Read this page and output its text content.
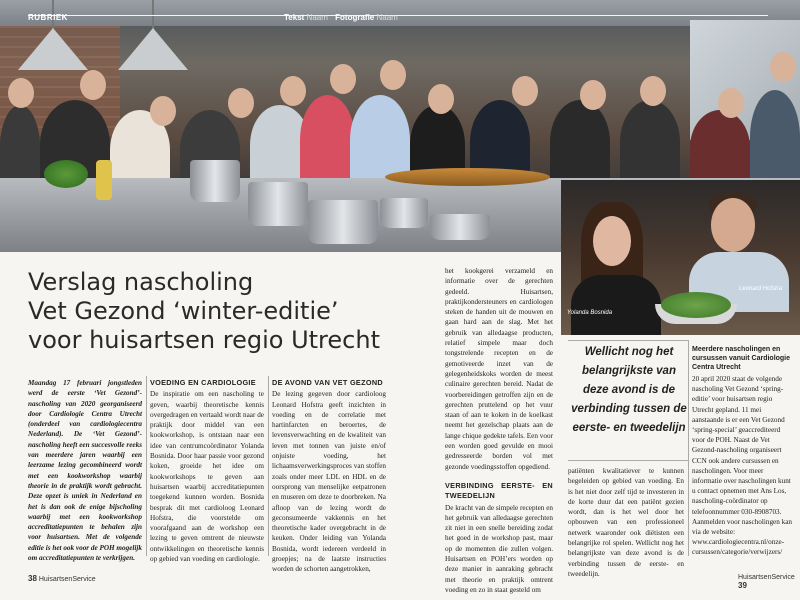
RUBRIEK	Tekst Naam Fotografie Naam
Yolanda Bosnida
Leonard Hofstra
Verslag nascholing
Vet Gezond ‘winter-editie’
voor huisartsen regio Utrecht

het kookgerei verzameld en informatie over de gerechten gedeeld. Huisartsen, praktijkondersteuners en cardiologen steken de handen uit de mouwen en gaan hard aan de slag. Met het gebruik van alledaagse producten, relatief simpele maar doch tongstrelende recepten en de gemotiveerde inzet van de gelegenheidskoks worden de meest culinaire gerechten bereid. Nadat de voorbereidingen getroffen zijn en de gerechten pruttelend op het vuur staan of aan te koken in de koelkast neemt het gezelschap plaats aan de lange chique gedekte tafels. Een voor een worden goed gevulde en mooi gedresseerde borden vol met gezonde voedingsstoffen opgediend.

VERBINDING EERSTE- EN TWEEDELIJN

De kracht van de simpele recepten en het gebruik van alledaagse gerechten zit niet in een snelle bereiding zodat het goed in de workshop past, maar op de momenten die zullen volgen. Huisartsen en POH’ers worden op deze manier in aanraking gebracht met theorie en praktijk omtrent voeding en zo in staat gesteld om

Maandag 17 februari jongstleden werd de eerste ‘Vet Gezond’-nascholing van 2020 georganiseerd door Cardiologie Centra Utrecht (onderdeel van cardiologiecentra Nederland). De ‘Vet Gezond’-nascholing heeft een succesvolle reeks van meerdere jaren waarbij een leerzame lezing gecombineerd wordt met een kookworkshop waarbij theorie in de praktijk wordt gebracht. Deze opzet is uniek in Nederland en het is dan ook de enige bijscholing waarbij met een kookworkshop accreditatiepunten te behalen zijn voor huisartsen. Met de volgende editie is het ook voor de POH mogelijk om accreditatiepunten te verkrijgen.

VOEDING EN CARDIOLOGIE

De inspiratie om een nascholing te geven, waarbij theoretische kennis overgedragen en vertaald wordt naar de praktijk door middel van een kookworkshop, is ontstaan naar een idee van centrumcoördinator Yolanda Bosnida. Door haar passie voor gezond koken, groeide het idee om kookworkshops te geven aan huisartsen waarbij accreditatiepunten toegekend kunnen worden. Bosnida besprak dit met cardioloog Leonard Hofstra, die voorstelde om voorafgaand aan de workshop een lezing te geven omtrent de nieuwste ontwikkelingen en theoretische kennis op gebied van voeding en cardiologie.

DE AVOND VAN VET GEZOND

De lezing gegeven door cardioloog Leonard Hofstra geeft inzichten in voeding en de correlatie met hartinfarcten en beroertes, de levensverwachting en de kwaliteit van leven met tonnen van juiste en/of onjuiste voeding, het lichaamsverwerkingsproces van stoffen zoals onder meer LDL en HDL en de oorsprong van menselijke eetpatronen en museren om deze te doorbreken. Na afloop van de lezing wordt de geconsumeerde vakkennis en het theoretische kader overgebracht in de keuken. Onder leiding van Yolanda Bosnida, wordt iedereen verdeeld in groepjes; na de laatste instructies worden de schorten aangetrokken,

patiënten kwalitatiever te kunnen begeleiden op gebied van voeding. En is het niet door zelf tijd te investeren in de korte duur dat een patiënt gezien wordt, dan is het wel door het opbouwen van een professioneel netwerk waaronder ook diëtisten een belangrijke rol spelen. Wellicht nog het belangrijkste van deze avond is de verbinding tussen de eerste- en tweedelijn.

Wellicht nog het belangrijkste van deze avond is de verbinding tussen de eerste- en tweedelijn
Meerdere nascholingen en cursussen vanuit Cardiologie Centra Utrecht

20 april 2020 staat de volgende nascholing Vet Gezond ‘spring-editie’ voor huisartsen regio Utrecht gepland. 11 mei aanstaande is er een Vet Gezond ‘spring-special’ geaccrediteerd voor de POH. Naast de Vet Gezond-nascholing organiseert CCN ook andere cursussen en nascholingen. Voor meer informatie over nascholingen kunt u contact opnemen met Ans Los, nascholing-coördinator op telefoonnummer 030-8908703. Aanmelden voor nascholingen kan via de website: www.cardiologiecentra.nl/onze-cursussen/categorie/verwijzers/

38 HuisartsenService	HuisartsenService 39
